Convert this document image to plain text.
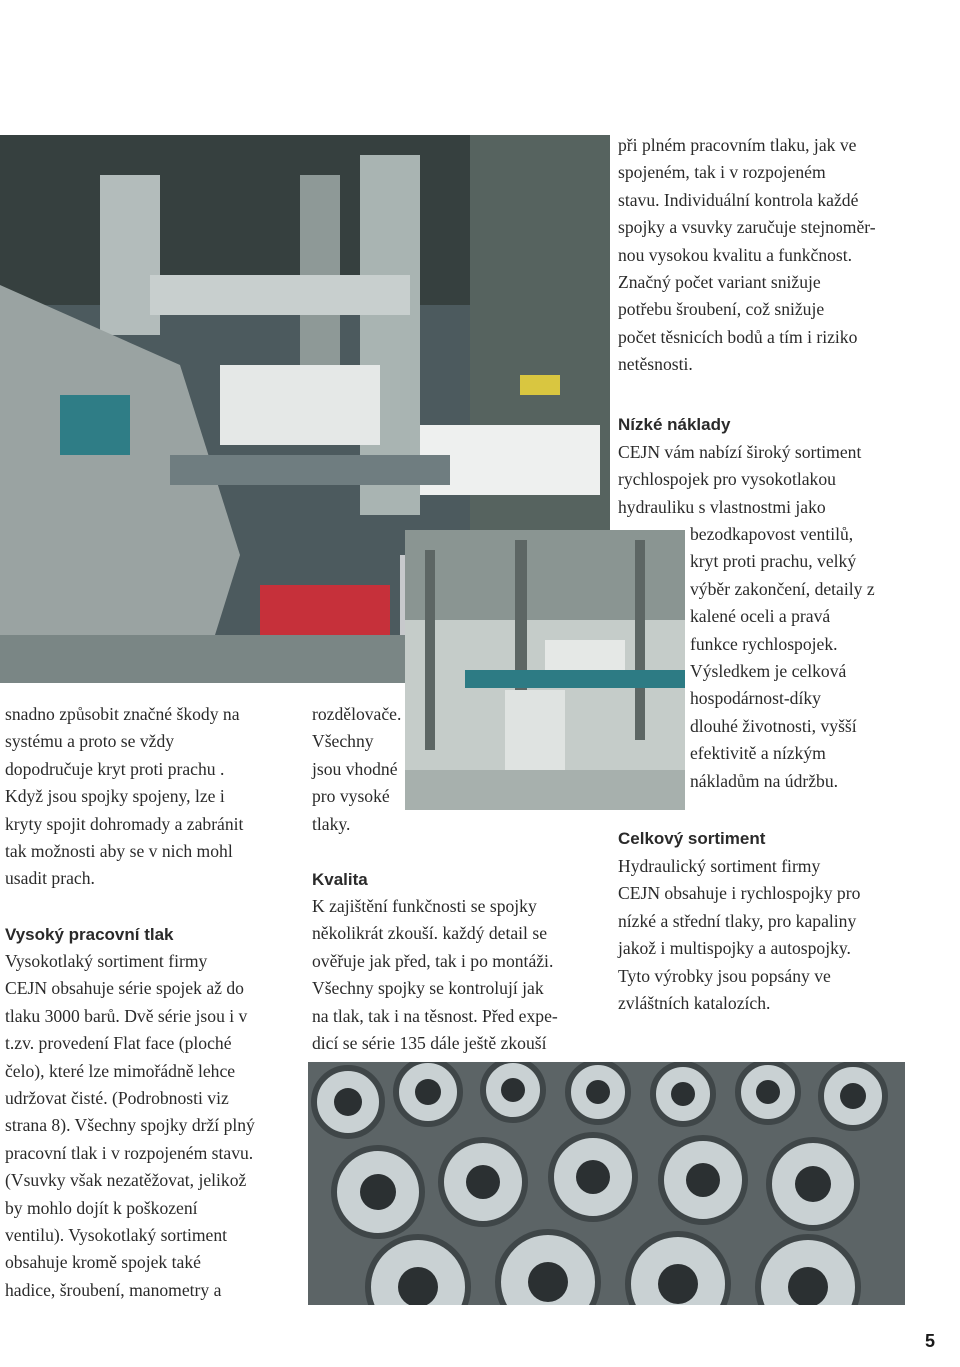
při plném pracovním tlaku, jak ve
spojeném, tak i v rozpojeném
stavu. Individuální kontrola každé
spojky a vsuvky zaručuje stejnoměr-
nou vysokou kvalitu a funkčnost.
Značný počet variant snižuje
potřebu šroubení, což snižuje
počet těsnicích bodů a tím i riziko
netěsnosti.
Nízké náklady
CEJN vám nabízí široký sortiment
rychlospojek pro vysokotlakou
hydrauliku s vlastnostmi jako
bezodkapovost ventilů,
kryt proti prachu, velký
výběr zakončení, detaily z
kalené oceli a pravá
funkce rychlospojek.
Výsledkem je celková
hospodárnost-díky
dlouhé životnosti, vyšší
efektivitě a nízkým
nákladům na údržbu.
Celkový sortiment
Hydraulický sortiment firmy
CEJN obsahuje i rychlospojky pro
nízké a střední tlaky, pro kapaliny
jakož i multispojky a autospojky.
Tyto výrobky jsou popsány ve
zvláštních katalozích.
snadno způsobit značné škody na
systému a proto se vždy
dopodručuje kryt proti prachu .
Když jsou spojky spojeny, lze i
kryty spojit dohromady a zabránit
tak možnosti aby se v nich mohl
usadit prach.
Vysoký pracovní tlak
Vysokotlaký sortiment firmy
CEJN obsahuje série spojek až do
tlaku 3000 barů. Dvě série jsou i v
t.zv. provedení Flat face (ploché
čelo), které lze mimořádně lehce
udržovat čisté. (Podrobnosti viz
strana 8). Všechny spojky drží plný
pracovní tlak i v rozpojeném stavu.
(Vsuvky však nezatěžovat, jelikož
by mohlo dojít k poškození
ventilu). Vysokotlaký sortiment
obsahuje kromě spojek také
hadice, šroubení, manometry a
rozdělovače.
Všechny
jsou vhodné
pro vysoké
tlaky.
Kvalita
K zajištění funkčnosti se spojky
několikrát zkouší. každý detail se
ověřuje jak před, tak i po montáži.
Všechny spojky se kontrolují jak
na tlak, tak i na těsnost. Před expe-
dicí se série 135 dále ještě zkouší
5
